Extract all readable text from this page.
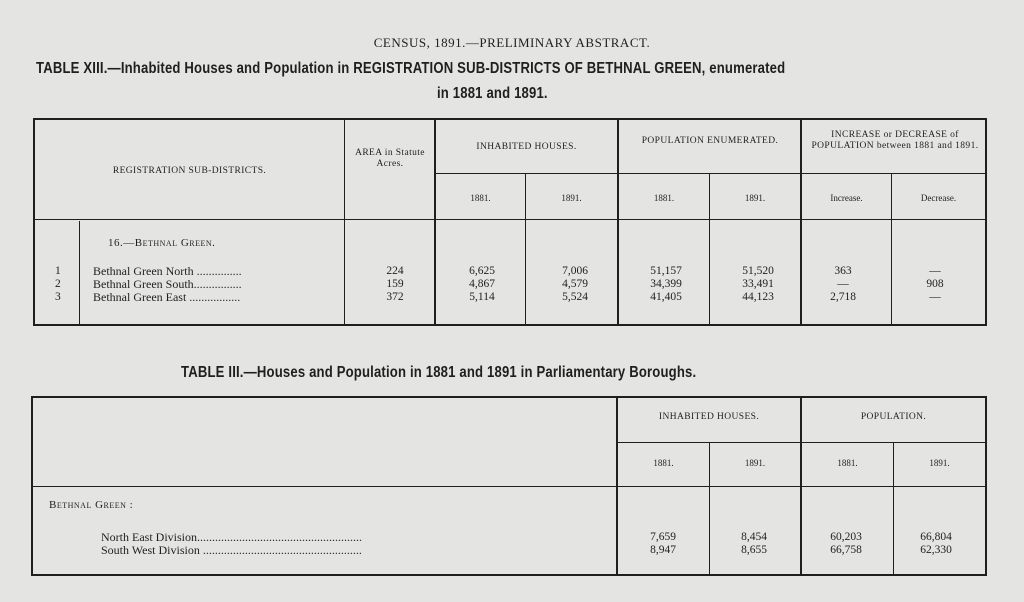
CENSUS, 1891.—PRELIMINARY ABSTRACT.
TABLE XIII.—Inhabited Houses and Population in REGISTRATION SUB-DISTRICTS OF BETHNAL GREEN, enumerated
in 1881 and 1891.
REGISTRATION SUB-DISTRICTS.
AREA in Statute Acres.
INHABITED HOUSES.
POPULATION ENUMERATED.
INCREASE or DECREASE of POPULATION between 1881 and 1891.
1881.	1891.	1881.	1891.	Increase.	Decrease.
16.—Bethnal Green.
1	Bethnal Green North ...............	224	6,625	7,006	51,157	51,520	363	—
2	Bethnal Green South................	159	4,867	4,579	34,399	33,491	—	908
3	Bethnal Green East .................	372	5,114	5,524	41,405	44,123	2,718	—
TABLE III.—Houses and Population in 1881 and 1891 in Parliamentary Boroughs.
INHABITED HOUSES.	POPULATION.
1881.	1891.	1881.	1891.
Bethnal Green :
North East Division.......................................................	7,659	8,454	60,203	66,804
South West Division .....................................................	8,947	8,655	66,758	62,330
